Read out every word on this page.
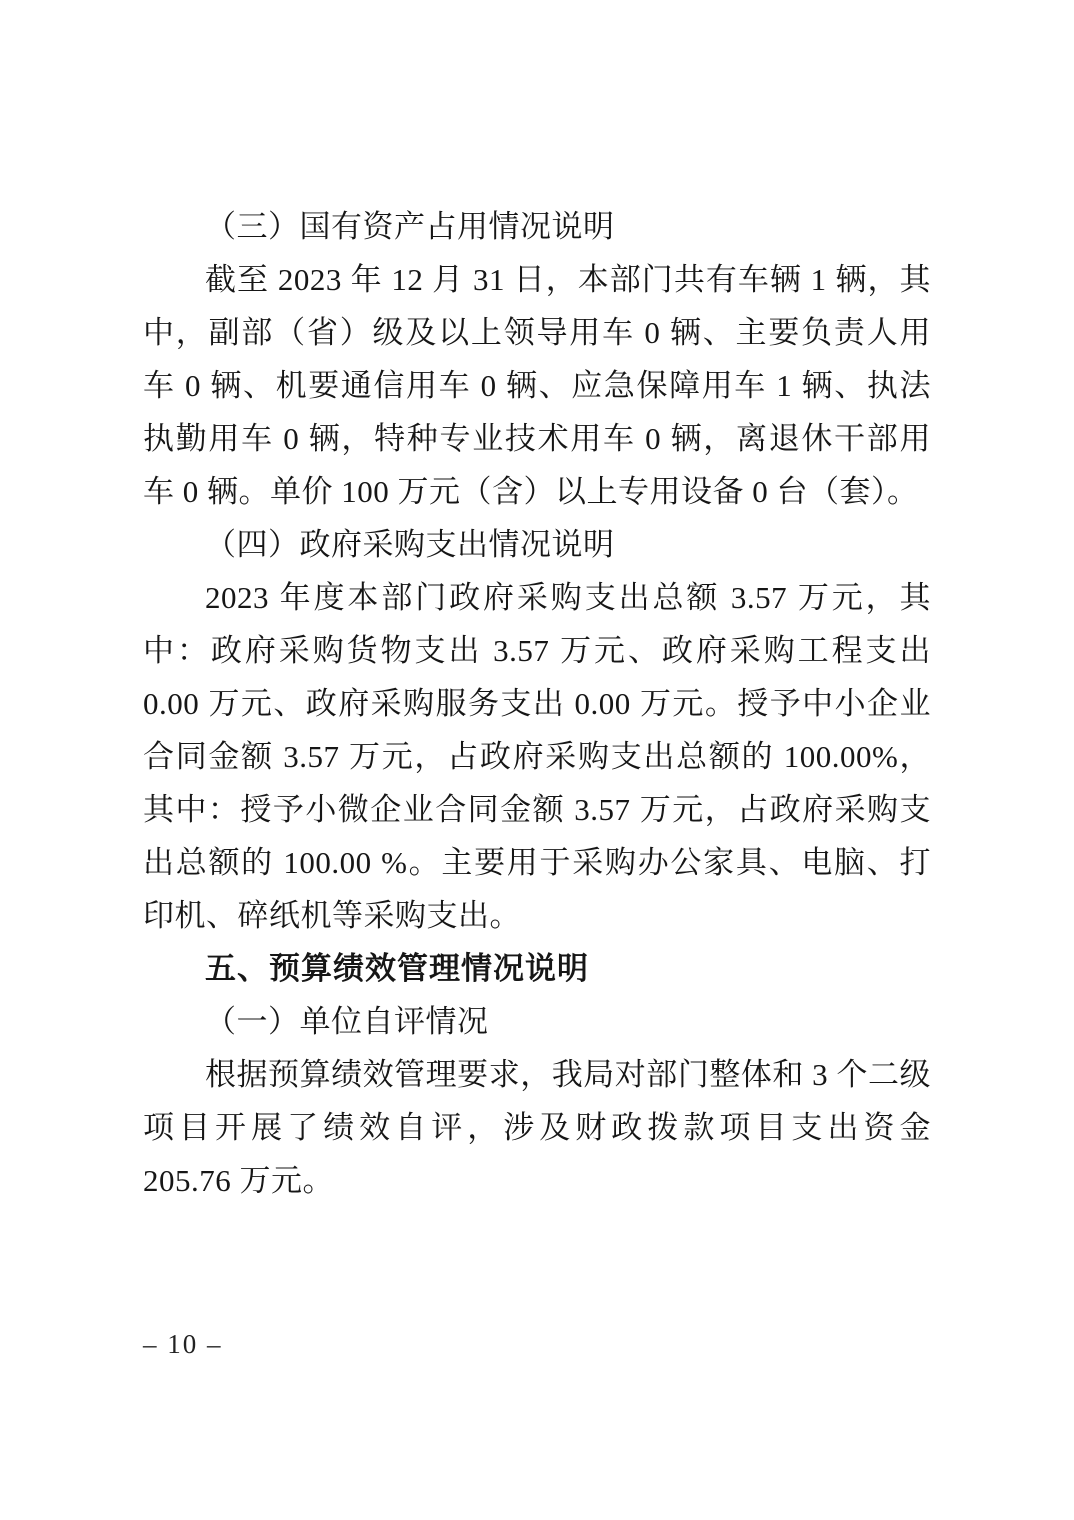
（三）国有资产占用情况说明

截至 2023 年 12 月 31 日，本部门共有车辆 1 辆，其中，副部（省）级及以上领导用车 0 辆、主要负责人用车 0 辆、机要通信用车 0 辆、应急保障用车 1 辆、执法执勤用车 0 辆，特种专业技术用车 0 辆，离退休干部用车 0 辆。单价 100 万元（含）以上专用设备 0 台（套）。

（四）政府采购支出情况说明

2023 年度本部门政府采购支出总额 3.57 万元，其中：政府采购货物支出 3.57 万元、政府采购工程支出 0.00 万元、政府采购服务支出 0.00 万元。授予中小企业合同金额 3.57 万元，占政府采购支出总额的 100.00%，其中：授予小微企业合同金额 3.57 万元，占政府采购支出总额的 100.00 %。主要用于采购办公家具、电脑、打印机、碎纸机等采购支出。

五、预算绩效管理情况说明

（一）单位自评情况

根据预算绩效管理要求，我局对部门整体和 3 个二级项目开展了绩效自评，涉及财政拨款项目支出资金 205.76 万元。

– 10 –
